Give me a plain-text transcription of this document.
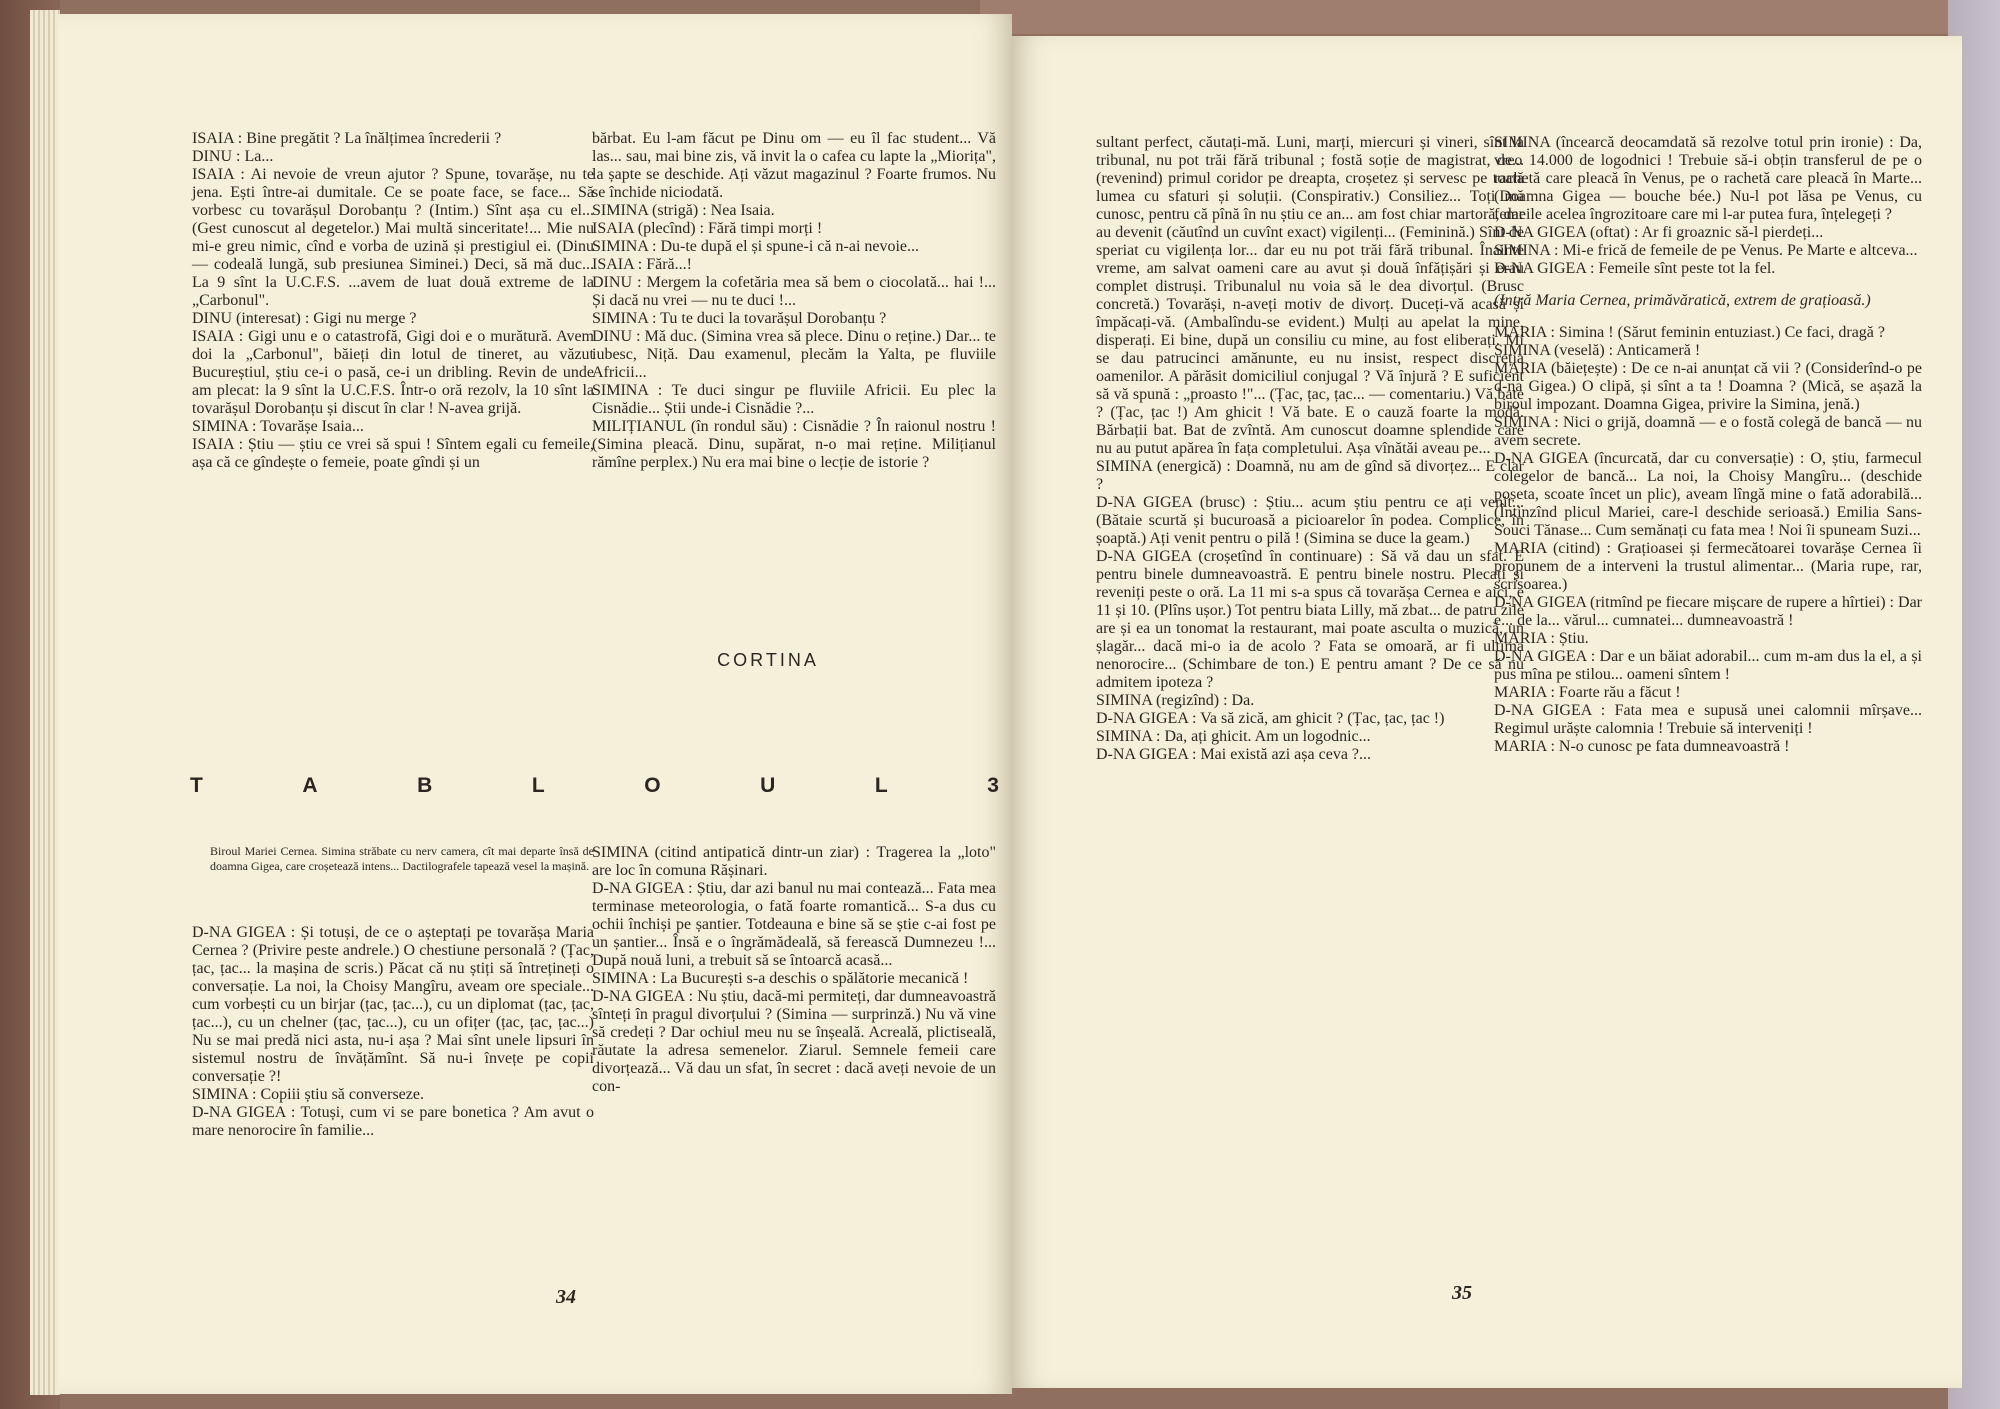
ISAIA : Bine pregătit ? La înălțimea încrederii ?

DINU : La...

ISAIA : Ai nevoie de vreun ajutor ? Spune, tovarășe, nu te jena. Ești între-ai dumitale. Ce se poate face, se face... Să vorbesc cu tovarășul Dorobanțu ? (Intim.) Sînt așa cu el... (Gest cunoscut al degetelor.) Mai multă sinceritate!... Mie nu mi-e greu nimic, cînd e vorba de uzină și prestigiul ei. (Dinu — codeală lungă, sub presiunea Siminei.) Deci, să mă duc... La 9 sînt la U.C.F.S. ...avem de luat două extreme de la „Carbonul".

DINU (interesat) : Gigi nu merge ?

ISAIA : Gigi unu e o catastrofă, Gigi doi e o murătură. Avem doi la „Carbonul", băieți din lotul de tineret, au văzut Bucureștiul, știu ce-i o pasă, ce-i un dribling. Revin de unde am plecat: la 9 sînt la U.C.F.S. Într-o oră rezolv, la 10 sînt la tovarășul Dorobanțu și discut în clar ! N-avea grijă.

SIMINA : Tovarășe Isaia...

ISAIA : Știu — știu ce vrei să spui ! Sîntem egali cu femeile, așa că ce gîndește o femeie, poate gîndi și un

bărbat. Eu l-am făcut pe Dinu om — eu îl fac student... Vă las... sau, mai bine zis, vă invit la o cafea cu lapte la „Miorița", la șapte se deschide. Ați văzut magazinul ? Foarte frumos. Nu se închide niciodată.

SIMINA (strigă) : Nea Isaia.

ISAIA (plecînd) : Fără timpi morți !

SIMINA : Du-te după el și spune-i că n-ai nevoie...

ISAIA : Fără...!

DINU : Mergem la cofetăria mea să bem o ciocolată... hai !... Și dacă nu vrei — nu te duci !...

SIMINA : Tu te duci la tovarășul Dorobanțu ?

DINU : Mă duc. (Simina vrea să plece. Dinu o reține.) Dar... te iubesc, Niță. Dau examenul, plecăm la Yalta, pe fluviile Africii...

SIMINA : Te duci singur pe fluviile Africii. Eu plec la Cisnădie... Știi unde-i Cisnădie ?...

MILIȚIANUL (în rondul său) : Cisnădie ? În raionul nostru ! (Simina pleacă. Dinu, supărat, n-o mai reține. Milițianul rămîne perplex.) Nu era mai bine o lecție de istorie ?

CORTINA
T	A	B	L	O	U	L	3
Biroul Mariei Cernea. Simina străbate cu nerv camera, cît mai departe însă de doamna Gigea, care croșetează intens... Dactilografele tapează vesel la mașină.

D-NA GIGEA : Și totuși, de ce o așteptați pe tovarășa Maria Cernea ? (Privire peste andrele.) O chestiune personală ? (Țac, țac, țac... la mașina de scris.) Păcat că nu știți să întrețineți o conversație. La noi, la Choisy Mangîru, aveam ore speciale... cum vorbești cu un birjar (țac, țac...), cu un diplomat (țac, țac, țac...), cu un chelner (țac, țac...), cu un ofițer (țac, țac, țac...) Nu se mai predă nici asta, nu-i așa ? Mai sînt unele lipsuri în sistemul nostru de învățămînt. Să nu-i învețe pe copii conversație ?!

SIMINA : Copiii știu să converseze.

D-NA GIGEA : Totuși, cum vi se pare bonetica ? Am avut o mare nenorocire în familie...

SIMINA (citind antipatică dintr-un ziar) : Tragerea la „loto" are loc în comuna Rășinari.

D-NA GIGEA : Știu, dar azi banul nu mai contează... Fata mea terminase meteorologia, o fată foarte romantică... S-a dus cu ochii închiși pe șantier. Totdeauna e bine să se știe c-ai fost pe un șantier... Însă e o îngrămădeală, să ferească Dumnezeu !... După nouă luni, a trebuit să se întoarcă acasă...

SIMINA : La București s-a deschis o spălătorie mecanică !

D-NA GIGEA : Nu știu, dacă-mi permiteți, dar dumneavoastră sînteți în pragul divorțului ? (Simina — surprinză.) Nu vă vine să credeți ? Dar ochiul meu nu se înșeală. Acreală, plictiseală, răutate la adresa semenelor. Ziarul. Semnele femeii care divorțează... Vă dau un sfat, în secret : dacă aveți nevoie de un con-

34

sultant perfect, căutați-mă. Luni, marți, miercuri și vineri, sînt la tribunal, nu pot trăi fără tribunal ; fostă soție de magistrat, de... (revenind) primul coridor pe dreapta, croșetez și servesc pe toată lumea cu sfaturi și soluții. (Conspirativ.) Consiliez... Toți mă cunosc, pentru că pînă în nu știu ce an... am fost chiar martoră, dar au devenit (căutînd un cuvînt exact) vigilenți... (Feminină.) Sînt de speriat cu vigilența lor... dar eu nu pot trăi fără tribunal. Înainte vreme, am salvat oameni care au avut și două înfățișări și erau complet distruși. Tribunalul nu voia să le dea divorțul. (Brusc concretă.) Tovarăși, n-aveți motiv de divorț. Duceți-vă acasă și împăcați-vă. (Ambalîndu-se evident.) Mulți au apelat la mine, disperați. Ei bine, după un consiliu cu mine, au fost eliberați. Mi se dau patrucinci amănunte, eu nu insist, respect discreția oamenilor. A părăsit domiciliul conjugal ? Vă înjură ? E suficient să vă spună : „proasto !"... (Țac, țac, țac... — comentariu.) Vă bate ? (Țac, țac !) Am ghicit ! Vă bate. E o cauză foarte la modă. Bărbații bat. Bat de zvîntă. Am cunoscut doamne splendide care nu au putut apărea în fața completului. Așa vînătăi aveau pe...

SIMINA (energică) : Doamnă, nu am de gînd să divorțez... E clar ?

D-NA GIGEA (brusc) : Știu... acum știu pentru ce ați venit... (Bătaie scurtă și bucuroasă a picioarelor în podea. Complice, în șoaptă.) Ați venit pentru o pilă ! (Simina se duce la geam.)

D-NA GIGEA (croșetînd în continuare) : Să vă dau un sfat. E pentru binele dumneavoastră. E pentru binele nostru. Plecați și reveniți peste o oră. La 11 mi s-a spus că tovarășa Cernea e aici, e 11 și 10. (Plîns ușor.) Tot pentru biata Lilly, mă zbat... de patru zile are și ea un tonomat la restaurant, mai poate asculta o muzică, un șlagăr... dacă mi-o ia de acolo ? Fata se omoară, ar fi ultima nenorocire... (Schimbare de ton.) E pentru amant ? De ce să nu admitem ipoteza ?

SIMINA (regizînd) : Da.

D-NA GIGEA : Va să zică, am ghicit ? (Țac, țac, țac !)

SIMINA : Da, ați ghicit. Am un logodnic...

D-NA GIGEA : Mai există azi așa ceva ?...

SIMINA (încearcă deocamdată să rezolve totul prin ironie) : Da, vreo 14.000 de logodnici ! Trebuie să-i obțin transferul de pe o rachetă care pleacă în Venus, pe o rachetă care pleacă în Marte... (Doamna Gigea — bouche bée.) Nu-l pot lăsa pe Venus, cu femeile acelea îngrozitoare care mi l-ar putea fura, înțelegeți ?

D-NA GIGEA (oftat) : Ar fi groaznic să-l pierdeți...

SIMINA : Mi-e frică de femeile de pe Venus. Pe Marte e altceva...

D-NA GIGEA : Femeile sînt peste tot la fel.

(Intră Maria Cernea, primăvăratică, extrem de grațioasă.)

MARIA : Simina ! (Sărut feminin entuziast.) Ce faci, dragă ?

SIMINA (veselă) : Anticameră !

MARIA (băiețește) : De ce n-ai anunțat că vii ? (Considerînd-o pe d-na Gigea.) O clipă, și sînt a ta ! Doamna ? (Mică, se așază la biroul impozant. Doamna Gigea, privire la Simina, jenă.)

SIMINA : Nici o grijă, doamnă — e o fostă colegă de bancă — nu avem secrete.

D-NA GIGEA (încurcată, dar cu conversație) : O, știu, farmecul colegelor de bancă... La noi, la Choisy Mangîru... (deschide poșeta, scoate încet un plic), aveam lîngă mine o fată adorabilă... (Întinzînd plicul Mariei, care-l deschide serioasă.) Emilia Sans-Souci Tănase... Cum semănați cu fata mea ! Noi îi spuneam Suzi...

MARIA (citind) : Grațioasei și fermecătoarei tovarășe Cernea îi propunem de a interveni la trustul alimentar... (Maria rupe, rar, scrisoarea.)

D-NA GIGEA (ritmînd pe fiecare mișcare de rupere a hîrtiei) : Dar e... de la... vărul... cumnatei... dumneavoastră !

MARIA : Știu.

D-NA GIGEA : Dar e un băiat adorabil... cum m-am dus la el, a și pus mîna pe stilou... oameni sîntem !

MARIA : Foarte rău a făcut !

D-NA GIGEA : Fata mea e supusă unei calomnii mîrșave... Regimul urăște calomnia ! Trebuie să interveniți !

MARIA : N-o cunosc pe fata dumneavoastră !

35
